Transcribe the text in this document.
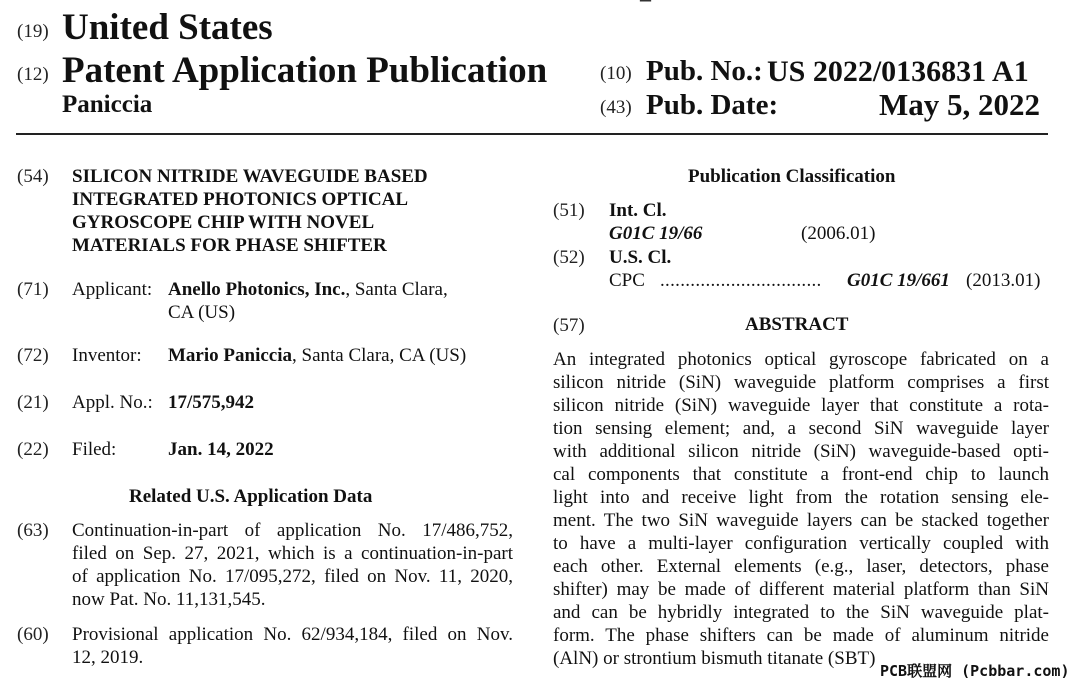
(19) United States
(12) Patent Application Publication
Paniccia
(10) Pub. No.: US 2022/0136831 A1
(43) Pub. Date:	May 5, 2022
(54) SILICON NITRIDE WAVEGUIDE BASED
INTEGRATED PHOTONICS OPTICAL
GYROSCOPE CHIP WITH NOVEL
MATERIALS FOR PHASE SHIFTER
(71) Applicant: Anello Photonics, Inc., Santa Clara,
CA (US)
(72) Inventor: Mario Paniccia, Santa Clara, CA (US)
(21) Appl. No.: 17/575,942
(22) Filed:	Jan. 14, 2022
Related U.S. Application Data
(63) Continuation-in-part of application No. 17/486,752,
filed on Sep. 27, 2021, which is a continuation-in-part
of application No. 17/095,272, filed on Nov. 11, 2020,
now Pat. No. 11,131,545.
(60) Provisional application No. 62/934,184, filed on Nov.
12, 2019.
Publication Classification
(51) Int. Cl.
G01C 19/66	(2006.01)
(52) U.S. Cl.
CPC ................................ G01C 19/661 (2013.01)
(57)	ABSTRACT
An integrated photonics optical gyroscope fabricated on a
silicon nitride (SiN) waveguide platform comprises a first
silicon nitride (SiN) waveguide layer that constitute a rota-
tion sensing element; and, a second SiN waveguide layer
with additional silicon nitride (SiN) waveguide-based opti-
cal components that constitute a front-end chip to launch
light into and receive light from the rotation sensing ele-
ment. The two SiN waveguide layers can be stacked together
to have a multi-layer configuration vertically coupled with
each other. External elements (e.g., laser, detectors, phase
shifter) may be made of different material platform than SiN
and can be hybridly integrated to the SiN waveguide plat-
form. The phase shifters can be made of aluminum nitride
(AlN) or strontium bismuth titanate (SBT)
PCB联盟网 (Pcbbar.com)
